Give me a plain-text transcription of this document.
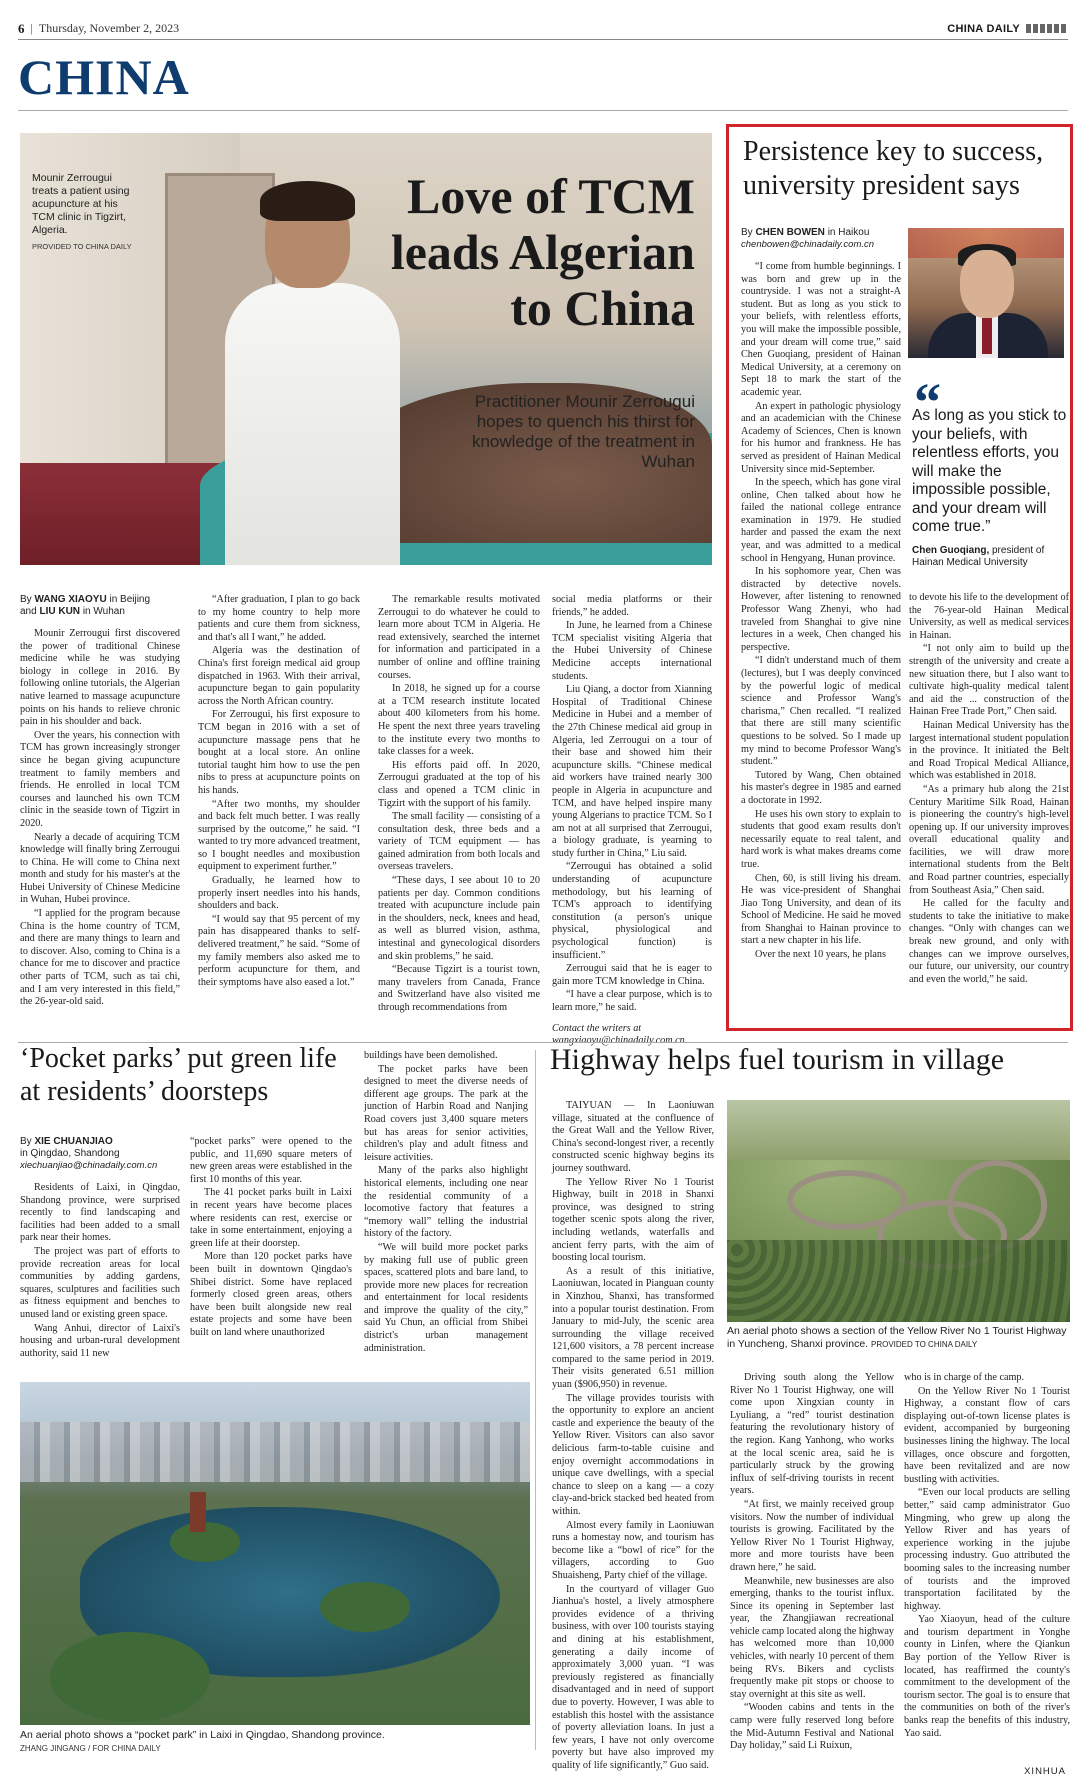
6 | Thursday, November 2, 2023	CHINA DAILY
CHINA
Mounir Zerrougui treats a patient using acupuncture at his TCM clinic in Tigzirt, Algeria.
PROVIDED TO CHINA DAILY
Love of TCM
leads Algerian
to China
Practitioner Mounir Zerrougui hopes to quench his thirst for knowledge of the treatment in Wuhan
By WANG XIAOYU in Beijing
and LIU KUN in Wuhan

Mounir Zerrougui first discovered the power of traditional Chinese medicine while he was studying biology in college in 2016. By following online tutorials, the Algerian native learned to massage acupuncture points on his hands to relieve chronic pain in his shoulder and back.

Over the years, his connection with TCM has grown increasingly stronger since he began giving acupuncture treatment to family members and friends. He enrolled in local TCM courses and launched his own TCM clinic in the seaside town of Tigzirt in 2020.

Nearly a decade of acquiring TCM knowledge will finally bring Zerrougui to China. He will come to China next month and study for his master's at the Hubei University of Chinese Medicine in Wuhan, Hubei province.

“I applied for the program because China is the home country of TCM, and there are many things to learn and to discover. Also, coming to China is a chance for me to discover and practice other parts of TCM, such as tai chi, and I am very interested in this field,” the 26-year-old said.

“After graduation, I plan to go back to my home country to help more patients and cure them from sickness, and that's all I want,” he added.

Algeria was the destination of China's first foreign medical aid group dispatched in 1963. With their arrival, acupuncture began to gain popularity across the North African country.

For Zerrougui, his first exposure to TCM began in 2016 with a set of acupuncture massage pens that he bought at a local store. An online tutorial taught him how to use the pen nibs to press at acupuncture points on his hands.

“After two months, my shoulder and back felt much better. I was really surprised by the outcome,” he said. “I wanted to try more advanced treatment, so I bought needles and moxibustion equipment to experiment further.”

Gradually, he learned how to properly insert needles into his hands, shoulders and back.

“I would say that 95 percent of my pain has disappeared thanks to self-delivered treatment,” he said. “Some of my family members also asked me to perform acupuncture for them, and their symptoms have also eased a lot.”

The remarkable results motivated Zerrougui to do whatever he could to learn more about TCM in Algeria. He read extensively, searched the internet for information and participated in a number of online and offline training courses.

In 2018, he signed up for a course at a TCM research institute located about 400 kilometers from his home. He spent the next three years traveling to the institute every two months to take classes for a week.

His efforts paid off. In 2020, Zerrougui graduated at the top of his class and opened a TCM clinic in Tigzirt with the support of his family.

The small facility — consisting of a consultation desk, three beds and a variety of TCM equipment — has gained admiration from both locals and overseas travelers.

“These days, I see about 10 to 20 patients per day. Common conditions treated with acupuncture include pain in the shoulders, neck, knees and head, as well as blurred vision, asthma, intestinal and gynecological disorders and skin problems,” he said.

“Because Tigzirt is a tourist town, many travelers from Canada, France and Switzerland have also visited me through recommendations from

social media platforms or their friends,” he added.

In June, he learned from a Chinese TCM specialist visiting Algeria that the Hubei University of Chinese Medicine accepts international students.

Liu Qiang, a doctor from Xianning Hospital of Traditional Chinese Medicine in Hubei and a member of the 27th Chinese medical aid group in Algeria, led Zerrougui on a tour of their base and showed him their acupuncture skills. “Chinese medical aid workers have trained nearly 300 people in Algeria in acupuncture and TCM, and have helped inspire many young Algerians to practice TCM. So I am not at all surprised that Zerrougui, a biology graduate, is yearning to study further in China,” Liu said.

“Zerrougui has obtained a solid understanding of acupuncture methodology, but his learning of TCM's approach to identifying constitution (a person's unique physical, physiological and psychological function) is insufficient.”

Zerrougui said that he is eager to gain more TCM knowledge in China.

“I have a clear purpose, which is to learn more,” he said.

Contact the writers at
wangxiaoyu@chinadaily.com.cn

Persistence key to success, university president says
By CHEN BOWEN in Haikou
chenbowen@chinadaily.com.cn

“I come from humble beginnings. I was born and grew up in the countryside. I was not a straight-A student. But as long as you stick to your beliefs, with relentless efforts, you will make the impossible possible, and your dream will come true,” said Chen Guoqiang, president of Hainan Medical University, at a ceremony on Sept 18 to mark the start of the academic year.

An expert in pathologic physiology and an academician with the Chinese Academy of Sciences, Chen is known for his humor and frankness. He has served as president of Hainan Medical University since mid-September.

In the speech, which has gone viral online, Chen talked about how he failed the national college entrance examination in 1979. He studied harder and passed the exam the next year, and was admitted to a medical school in Hengyang, Hunan province.

In his sophomore year, Chen was distracted by detective novels. However, after listening to renowned Professor Wang Zhenyi, who had traveled from Shanghai to give nine lectures in a week, Chen changed his perspective.

“I didn't understand much of them (lectures), but I was deeply convinced by the powerful logic of medical science and Professor Wang's charisma,” Chen recalled. “I realized that there are still many scientific questions to be solved. So I made up my mind to become Professor Wang's student.”

Tutored by Wang, Chen obtained his master's degree in 1985 and earned a doctorate in 1992.

He uses his own story to explain to students that good exam results don't necessarily equate to real talent, and hard work is what makes dreams come true.

Chen, 60, is still living his dream. He was vice-president of Shanghai Jiao Tong University, and dean of its School of Medicine. He said he moved from Shanghai to Hainan province to start a new chapter in his life.

Over the next 10 years, he plans

“
As long as you stick to your beliefs, with relentless efforts, you will make the impossible possible, and your dream will come true.”
Chen Guoqiang, president of Hainan Medical University

to devote his life to the development of the 76-year-old Hainan Medical University, as well as medical services in Hainan.

“I not only aim to build up the strength of the university and create a new situation there, but I also want to cultivate high-quality medical talent and aid the ... construction of the Hainan Free Trade Port,” Chen said.

Hainan Medical University has the largest international student population in the province. It initiated the Belt and Road Tropical Medical Alliance, which was established in 2018.

“As a primary hub along the 21st Century Maritime Silk Road, Hainan is pioneering the country's high-level opening up. If our university improves overall educational quality and facilities, we will draw more international students from the Belt and Road partner countries, especially from Southeast Asia,” Chen said.

He called for the faculty and students to take the initiative to make changes. “Only with changes can we break new ground, and only with changes can we improve ourselves, our future, our university, our country and even the world,” he said.

‘Pocket parks’ put green life at residents’ doorsteps
By XIE CHUANJIAO
in Qingdao, Shandong
xiechuanjiao@chinadaily.com.cn

Residents of Laixi, in Qingdao, Shandong province, were surprised recently to find landscaping and facilities had been added to a small park near their homes.

The project was part of efforts to provide recreation areas for local communities by adding gardens, squares, sculptures and facilities such as fitness equipment and benches to unused land or existing green space.

Wang Anhui, director of Laixi's housing and urban-rural development authority, said 11 new

“pocket parks” were opened to the public, and 11,690 square meters of new green areas were established in the first 10 months of this year.

The 41 pocket parks built in Laixi in recent years have become places where residents can rest, exercise or take in some entertainment, enjoying a green life at their doorstep.

More than 120 pocket parks have been built in downtown Qingdao's Shibei district. Some have replaced formerly closed green areas, others have been built alongside new real estate projects and some have been built on land where unauthorized

buildings have been demolished.

The pocket parks have been designed to meet the diverse needs of different age groups. The park at the junction of Harbin Road and Nanjing Road covers just 3,400 square meters but has areas for senior activities, children's play and adult fitness and leisure activities.

Many of the parks also highlight historical elements, including one near the residential community of a locomotive factory that features a “memory wall” telling the industrial history of the factory.

“We will build more pocket parks by making full use of public green spaces, scattered plots and bare land, to provide more new places for recreation and entertainment for local residents and improve the quality of the city,” said Yu Chun, an official from Shibei district's urban management administration.

An aerial photo shows a “pocket park” in Laixi in Qingdao, Shandong province.
ZHANG JINGANG / FOR CHINA DAILY
Highway helps fuel tourism in village

TAIYUAN — In Laoniuwan village, situated at the confluence of the Great Wall and the Yellow River, China's second-longest river, a recently constructed scenic highway begins its journey southward.

The Yellow River No 1 Tourist Highway, built in 2018 in Shanxi province, was designed to string together scenic spots along the river, including wetlands, waterfalls and ancient ferry parts, with the aim of boosting local tourism.

As a result of this initiative, Laoniuwan, located in Pianguan county in Xinzhou, Shanxi, has transformed into a popular tourist destination. From January to mid-July, the scenic area surrounding the village received 121,600 visitors, a 78 percent increase compared to the same period in 2019. Their visits generated 6.51 million yuan ($906,950) in revenue.

The village provides tourists with the opportunity to explore an ancient castle and experience the beauty of the Yellow River. Visitors can also savor delicious farm-to-table cuisine and enjoy overnight accommodations in unique cave dwellings, with a special chance to sleep on a kang — a cozy clay-and-brick stacked bed heated from within.

Almost every family in Laoniuwan runs a homestay now, and tourism has become like a “bowl of rice” for the villagers, according to Guo Shuaisheng, Party chief of the village.

In the courtyard of villager Guo Jianhua's hostel, a lively atmosphere provides evidence of a thriving business, with over 100 tourists staying and dining at his establishment, generating a daily income of approximately 3,000 yuan. “I was previously registered as financially disadvantaged and in need of support due to poverty. However, I was able to establish this hostel with the assistance of poverty alleviation loans. In just a few years, I have not only overcome poverty but have also improved my quality of life significantly,” Guo said.

An aerial photo shows a section of the Yellow River No 1 Tourist Highway in Yuncheng, Shanxi province. PROVIDED TO CHINA DAILY

Driving south along the Yellow River No 1 Tourist Highway, one will come upon Xingxian county in Lyuliang, a “red” tourist destination featuring the revolutionary history of the region. Kang Yanhong, who works at the local scenic area, said he is particularly struck by the growing influx of self-driving tourists in recent years.

“At first, we mainly received group visitors. Now the number of individual tourists is growing. Facilitated by the Yellow River No 1 Tourist Highway, more and more tourists have been drawn here,” he said.

Meanwhile, new businesses are also emerging, thanks to the tourist influx. Since its opening in September last year, the Zhangjiawan recreational vehicle camp located along the highway has welcomed more than 10,000 vehicles, with nearly 10 percent of them being RVs. Bikers and cyclists frequently make pit stops or choose to stay overnight at this site as well.

“Wooden cabins and tents in the camp were fully reserved long before the Mid-Autumn Festival and National Day holiday,” said Li Ruixun,

who is in charge of the camp.

On the Yellow River No 1 Tourist Highway, a constant flow of cars displaying out-of-town license plates is evident, accompanied by burgeoning businesses lining the highway. The local villages, once obscure and forgotten, have been revitalized and are now bustling with activities.

“Even our local products are selling better,” said camp administrator Guo Mingming, who grew up along the Yellow River and has years of experience working in the jujube processing industry. Guo attributed the booming sales to the increasing number of tourists and the improved transportation facilitated by the highway.

Yao Xiaoyun, head of the culture and tourism department in Yonghe county in Linfen, where the Qiankun Bay portion of the Yellow River is located, has reaffirmed the county's commitment to the development of the tourism sector. The goal is to ensure that the communities on both of the river's banks reap the benefits of this industry, Yao said.

XINHUA
